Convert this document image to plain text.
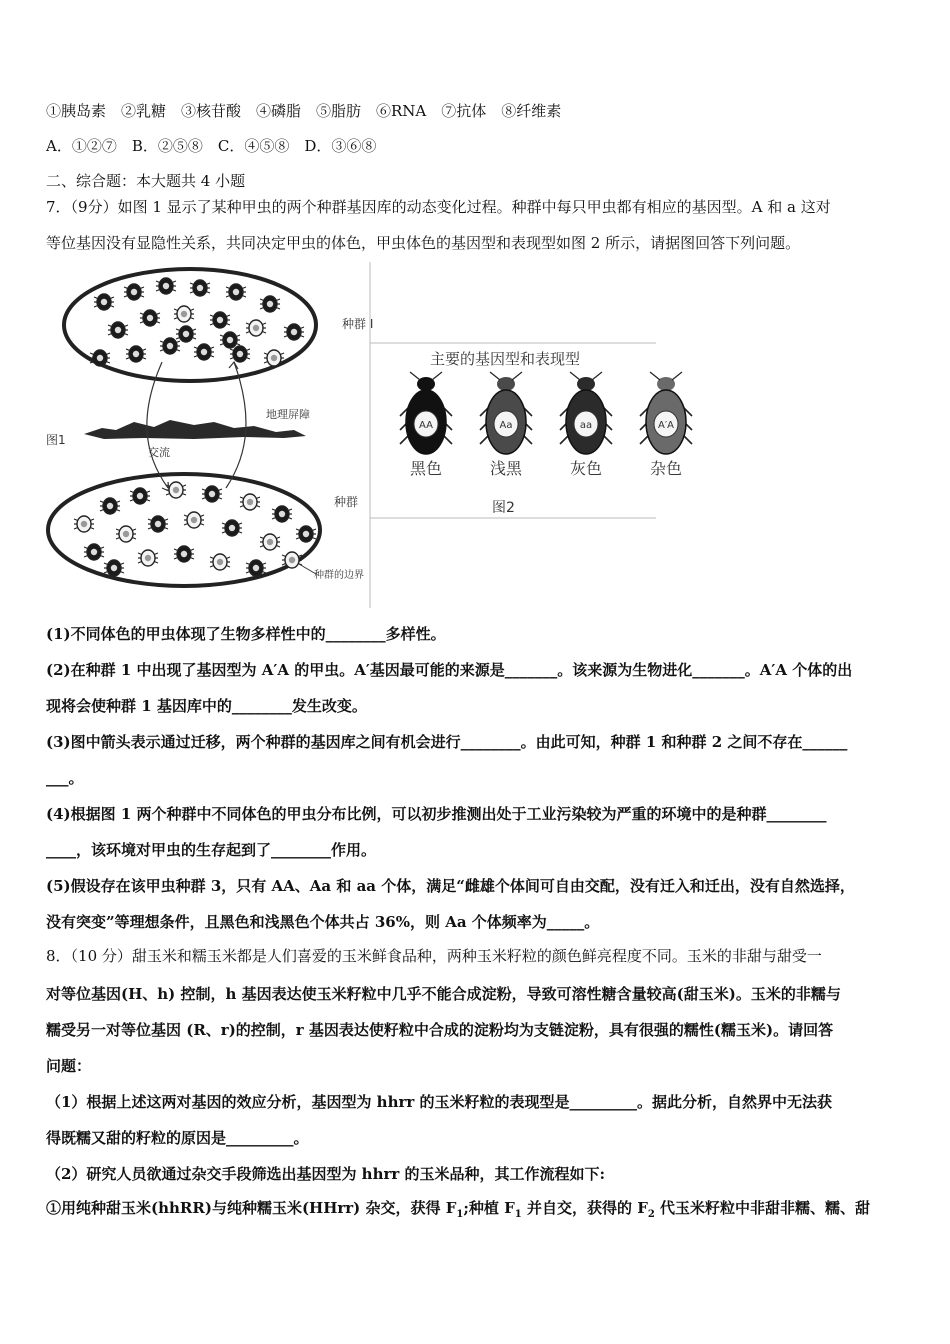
①胰岛素　②乳糖　③核苷酸　④磷脂　⑤脂肪　⑥RNA　⑦抗体　⑧纤维素
A．①②⑦　B．②⑤⑧　C．④⑤⑧　D．③⑥⑧
二、综合题：本大题共 4 小题
7．（9分）如图 1 显示了某种甲虫的两个种群基因库的动态变化过程。种群中每只甲虫都有相应的基因型。A 和 a 这对
等位基因没有显隐性关系，共同决定甲虫的体色，甲虫体色的基因型和表现型如图 2 所示，请据图回答下列问题。
种群 I
种群
地理屏障
图1
交流
种群的边界
主要的基因型和表现型
AA
黑色
Aa
浅黑
aa
灰色
A′A
杂色
图2
(1)不同体色的甲虫体现了生物多样性中的________多样性。
(2)在种群 1 中出现了基因型为 A′A 的甲虫。A′基因最可能的来源是_______。该来源为生物进化_______。A′A 个体的出
现将会使种群 1 基因库中的________发生改变。
(3)图中箭头表示通过迁移，两个种群的基因库之间有机会进行________。由此可知，种群 1 和种群 2 之间不存在______
___。
(4)根据图 1 两个种群中不同体色的甲虫分布比例，可以初步推测出处于工业污染较为严重的环境中的是种群________
____，该环境对甲虫的生存起到了________作用。
(5)假设存在该甲虫种群 3，只有 AA、Aa 和 aa 个体，满足“雌雄个体间可自由交配，没有迁入和迁出，没有自然选择，
没有突变”等理想条件，且黑色和浅黑色个体共占 36%，则 Aa 个体频率为_____。
8．（10 分）甜玉米和糯玉米都是人们喜爱的玉米鲜食品种，两种玉米籽粒的颜色鲜亮程度不同。玉米的非甜与甜受一
对等位基因(H、h) 控制，h 基因表达使玉米籽粒中几乎不能合成淀粉，导致可溶性糖含量较高(甜玉米)。玉米的非糯与
糯受另一对等位基因 (R、r)的控制，r 基因表达使籽粒中合成的淀粉均为支链淀粉，具有很强的糯性(糯玉米)。请回答
问题：
（1）根据上述这两对基因的效应分析，基因型为 hhrr 的玉米籽粒的表现型是_________。据此分析，自然界中无法获
得既糯又甜的籽粒的原因是_________。
（2）研究人员欲通过杂交手段筛选出基因型为 hhrr 的玉米品种，其工作流程如下:
①用纯种甜玉米(hhRR)与纯种糯玉米(HHrr) 杂交，获得 $F_1$;种植 $F_1$ 并自交，获得的 $F_2$ 代玉米籽粒中非甜非糯、糯、甜
